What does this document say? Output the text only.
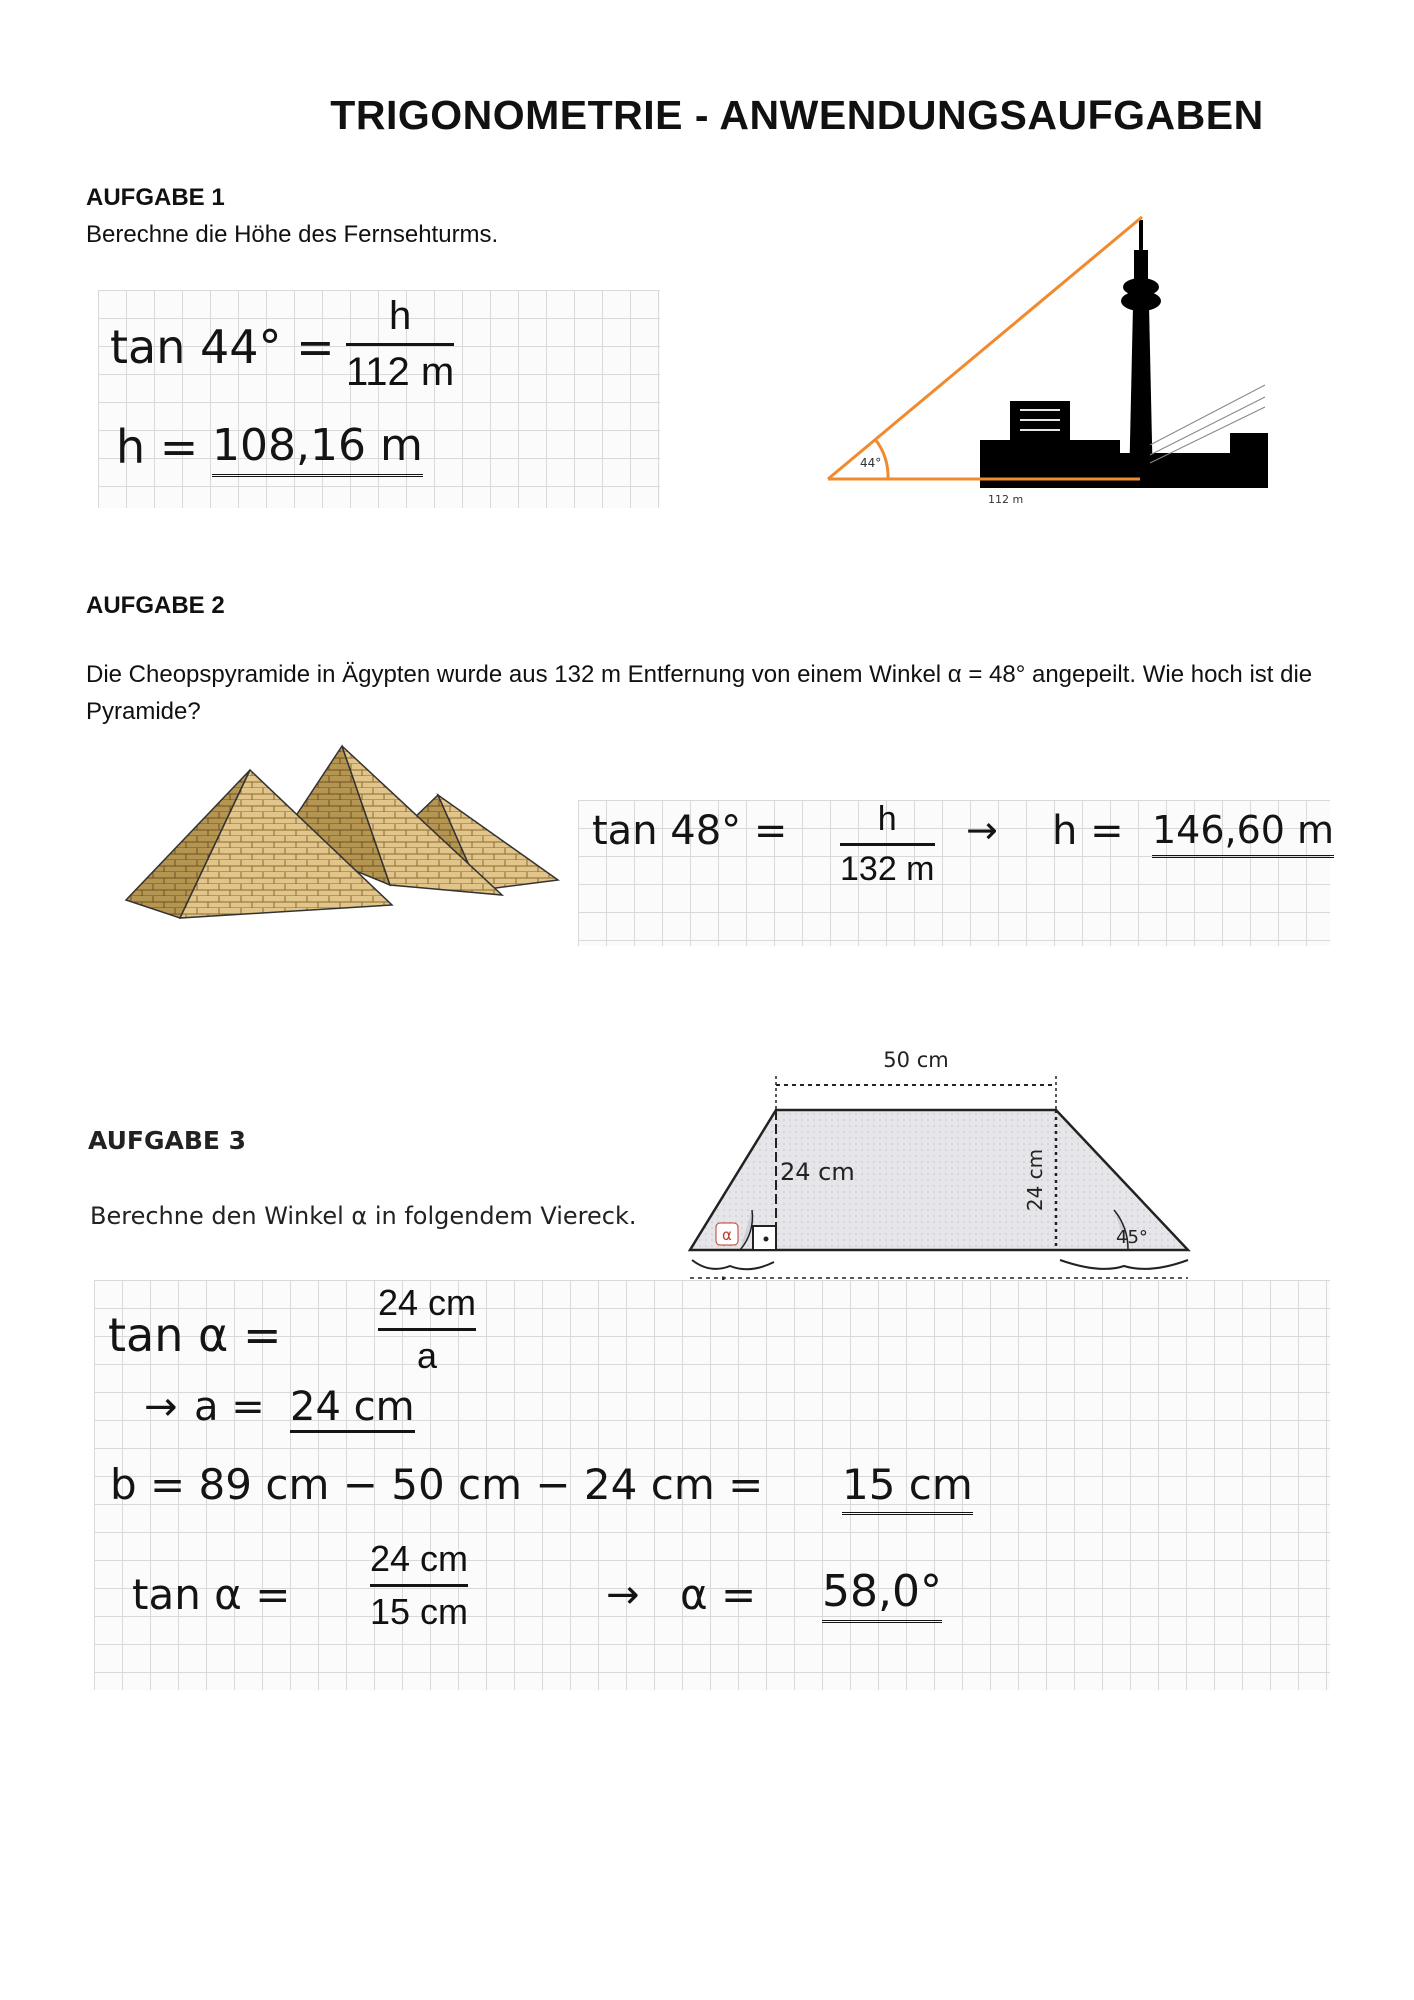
TRIGONOMETRIE - ANWENDUNGSAUFGABEN
AUFGABE 1
Berechne die Höhe des Fernsehturms.
tan 44° =
h
112 m
h = 108,16 m	44°
112 m
AUFGABE 2
Die Cheopspyramide in Ägypten wurde aus 132 m Entfernung von einem Winkel α = 48° angepeilt. Wie hoch ist die Pyramide?
tan 48° =	h
132 m
→ h = 146,60 m
AUFGABE 3
Berechne den Winkel α in folgendem Viereck.
50 cm
24 cm
24 cm
α	45°
tan α =
24 cm
a
→ a = 24 cm
b = 89 cm − 50 cm − 24 cm = 15 cm
tan α =
24 cm
15 cm	→ α = 58,0°
